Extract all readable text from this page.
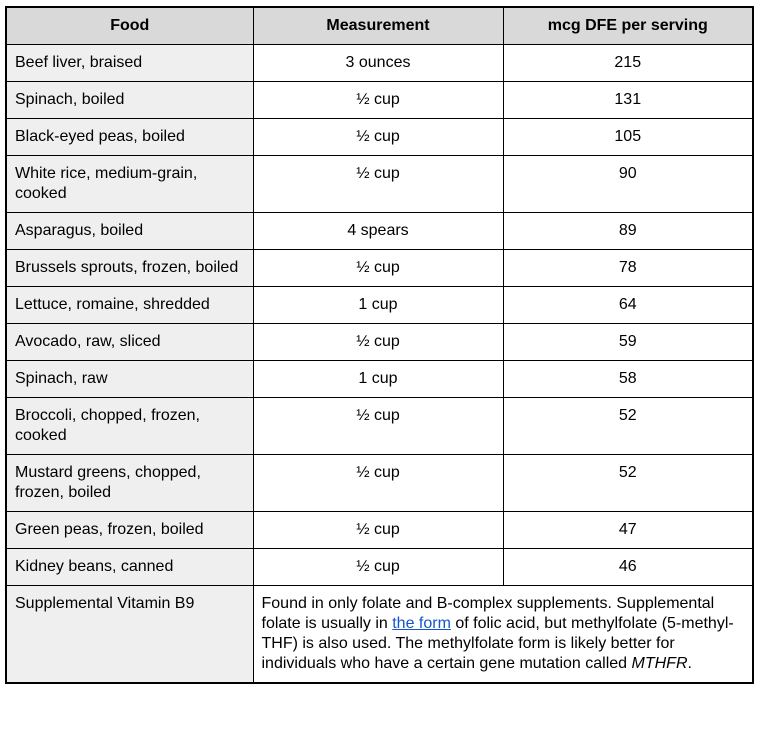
Food	Measurement	mcg DFE per serving
Beef liver, braised	3 ounces	215
Spinach, boiled	½ cup	131
Black-eyed peas, boiled	½ cup	105
White rice, medium-grain, cooked	½ cup	90
Asparagus, boiled	4 spears	89
Brussels sprouts, frozen, boiled	½ cup	78
Lettuce, romaine, shredded	1 cup	64
Avocado, raw, sliced	½ cup	59
Spinach, raw	1 cup	58
Broccoli, chopped, frozen, cooked	½ cup	52
Mustard greens, chopped, frozen, boiled	½ cup	52
Green peas, frozen, boiled	½ cup	47
Kidney beans, canned	½ cup	46
Supplemental Vitamin B9	Found in only folate and B-complex supplements. Supplemental folate is usually in the form of folic acid, but methylfolate (5-methyl-THF) is also used. The methylfolate form is likely better for individuals who have a certain gene mutation called MTHFR.	
